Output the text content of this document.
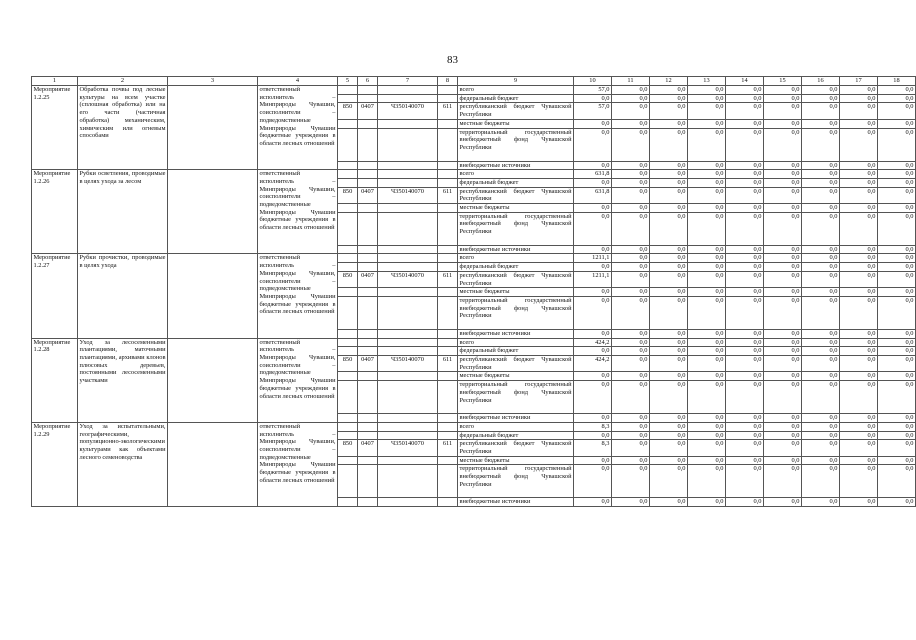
83
1	2	3	4	5	6	7	8	9	10	11	12	13	14	15	16	17	18
Мероприятие 1.2.25	Обработка почвы под лесные культуры на всем участке (сплошная обработка) или на его части (частичная обработка) механическим, химическим или огневым способами		ответственный исполнитель – Минприроды Чувашии, соисполнители – подведомственные Минприроды Чувашии бюджетные учреждения в области лесных отношений					всего	57,0	0,0	0,0	0,0	0,0	0,0	0,0	0,0	0,0
								федеральный бюджет	0,0	0,0	0,0	0,0	0,0	0,0	0,0	0,0	0,0
				850	0407	Ч350140070	611	республиканский бюджет Чувашской Республики	57,0	0,0	0,0	0,0	0,0	0,0	0,0	0,0	0,0
								местные бюджеты	0,0	0,0	0,0	0,0	0,0	0,0	0,0	0,0	0,0
								территориальный государственный внебюджетный фонд Чувашской Республики	0,0	0,0	0,0	0,0	0,0	0,0	0,0	0,0	0,0
								внебюджетные источники	0,0	0,0	0,0	0,0	0,0	0,0	0,0	0,0	0,0
Мероприятие 1.2.26	Рубки осветления, проводимые в целях ухода за лесом		ответственный исполнитель – Минприроды Чувашии, соисполнители – подведомственные Минприроды Чувашии бюджетные учреждения в области лесных отношений					всего	631,8	0,0	0,0	0,0	0,0	0,0	0,0	0,0	0,0
								федеральный бюджет	0,0	0,0	0,0	0,0	0,0	0,0	0,0	0,0	0,0
				850	0407	Ч350140070	611	республиканский бюджет Чувашской Республики	631,8	0,0	0,0	0,0	0,0	0,0	0,0	0,0	0,0
								местные бюджеты	0,0	0,0	0,0	0,0	0,0	0,0	0,0	0,0	0,0
								территориальный государственный внебюджетный фонд Чувашской Республики	0,0	0,0	0,0	0,0	0,0	0,0	0,0	0,0	0,0
								внебюджетные источники	0,0	0,0	0,0	0,0	0,0	0,0	0,0	0,0	0,0
Мероприятие 1.2.27	Рубки прочистки, проводимые в целях ухода		ответственный исполнитель – Минприроды Чувашии, соисполнители – подведомственные Минприроды Чувашии бюджетные учреждения в области лесных отношений					всего	1211,1	0,0	0,0	0,0	0,0	0,0	0,0	0,0	0,0
								федеральный бюджет	0,0	0,0	0,0	0,0	0,0	0,0	0,0	0,0	0,0
				850	0407	Ч350140070	611	республиканский бюджет Чувашской Республики	1211,1	0,0	0,0	0,0	0,0	0,0	0,0	0,0	0,0
								местные бюджеты	0,0	0,0	0,0	0,0	0,0	0,0	0,0	0,0	0,0
								территориальный государственный внебюджетный фонд Чувашской Республики	0,0	0,0	0,0	0,0	0,0	0,0	0,0	0,0	0,0
								внебюджетные источники	0,0	0,0	0,0	0,0	0,0	0,0	0,0	0,0	0,0
Мероприятие 1.2.28	Уход за лесосеменными плантациями, маточными плантациями, архивами клонов плюсовых деревьев, постоянными лесосеменными участками		ответственный исполнитель – Минприроды Чувашии, соисполнители – подведомственные Минприроды Чувашии бюджетные учреждения в области лесных отношений					всего	424,2	0,0	0,0	0,0	0,0	0,0	0,0	0,0	0,0
								федеральный бюджет	0,0	0,0	0,0	0,0	0,0	0,0	0,0	0,0	0,0
				850	0407	Ч350140070	611	республиканский бюджет Чувашской Республики	424,2	0,0	0,0	0,0	0,0	0,0	0,0	0,0	0,0
								местные бюджеты	0,0	0,0	0,0	0,0	0,0	0,0	0,0	0,0	0,0
								территориальный государственный внебюджетный фонд Чувашской Республики	0,0	0,0	0,0	0,0	0,0	0,0	0,0	0,0	0,0
								внебюджетные источники	0,0	0,0	0,0	0,0	0,0	0,0	0,0	0,0	0,0
Мероприятие 1.2.29	Уход за испытательными, географическими, популяционно-экологическими культурами как объектами лесного семеноводства		ответственный исполнитель – Минприроды Чувашии, соисполнители – подведомственные Минприроды Чувашии бюджетные учреждения в области лесных отношений					всего	8,3	0,0	0,0	0,0	0,0	0,0	0,0	0,0	0,0
								федеральный бюджет	0,0	0,0	0,0	0,0	0,0	0,0	0,0	0,0	0,0
				850	0407	Ч350140070	611	республиканский бюджет Чувашской Республики	8,3	0,0	0,0	0,0	0,0	0,0	0,0	0,0	0,0
								местные бюджеты	0,0	0,0	0,0	0,0	0,0	0,0	0,0	0,0	0,0
								территориальный государственный внебюджетный фонд Чувашской Республики	0,0	0,0	0,0	0,0	0,0	0,0	0,0	0,0	0,0
								внебюджетные источники	0,0	0,0	0,0	0,0	0,0	0,0	0,0	0,0	0,0
